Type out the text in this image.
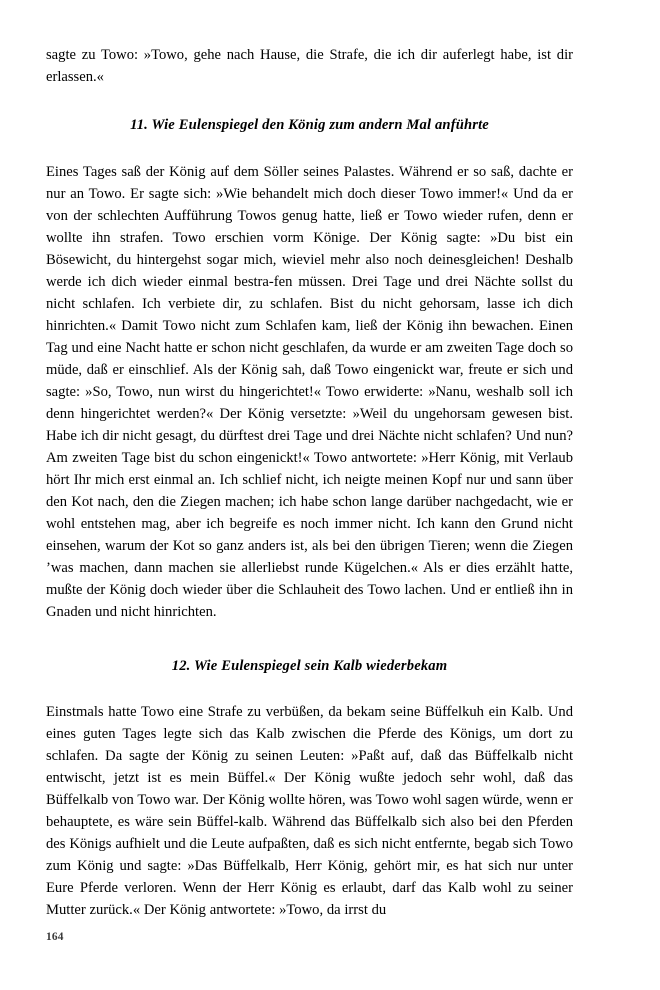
sagte zu Towo: »Towo, gehe nach Hause, die Strafe, die ich dir auferlegt habe, ist dir erlassen.«

11. Wie Eulenspiegel den König zum andern Mal anführte

Eines Tages saß der König auf dem Söller seines Palastes. Während er so saß, dachte er nur an Towo. Er sagte sich: »Wie behandelt mich doch dieser Towo immer!« Und da er von der schlechten Aufführung Towos genug hatte, ließ er Towo wieder rufen, denn er wollte ihn strafen. Towo erschien vorm Könige. Der König sagte: »Du bist ein Bösewicht, du hintergehst sogar mich, wieviel mehr also noch deinesgleichen! Deshalb werde ich dich wieder einmal bestra-fen müssen. Drei Tage und drei Nächte sollst du nicht schlafen. Ich verbiete dir, zu schlafen. Bist du nicht gehorsam, lasse ich dich hinrichten.« Damit Towo nicht zum Schlafen kam, ließ der König ihn bewachen. Einen Tag und eine Nacht hatte er schon nicht geschlafen, da wurde er am zweiten Tage doch so müde, daß er einschlief. Als der König sah, daß Towo eingenickt war, freute er sich und sagte: »So, Towo, nun wirst du hingerichtet!« Towo erwiderte: »Nanu, weshalb soll ich denn hingerichtet werden?« Der König versetzte: »Weil du ungehorsam gewesen bist. Habe ich dir nicht gesagt, du dürftest drei Tage und drei Nächte nicht schlafen? Und nun? Am zweiten Tage bist du schon eingenickt!« Towo antwortete: »Herr König, mit Verlaub hört Ihr mich erst einmal an. Ich schlief nicht, ich neigte meinen Kopf nur und sann über den Kot nach, den die Ziegen machen; ich habe schon lange darüber nachgedacht, wie er wohl entstehen mag, aber ich begreife es noch immer nicht. Ich kann den Grund nicht einsehen, warum der Kot so ganz anders ist, als bei den übrigen Tieren; wenn die Ziegen ’was machen, dann machen sie allerliebst runde Kügelchen.« Als er dies erzählt hatte, mußte der König doch wieder über die Schlauheit des Towo lachen. Und er entließ ihn in Gnaden und nicht hinrichten.

12. Wie Eulenspiegel sein Kalb wiederbekam

Einstmals hatte Towo eine Strafe zu verbüßen, da bekam seine Büffelkuh ein Kalb. Und eines guten Tages legte sich das Kalb zwischen die Pferde des Königs, um dort zu schlafen. Da sagte der König zu seinen Leuten: »Paßt auf, daß das Büffelkalb nicht entwischt, jetzt ist es mein Büffel.« Der König wußte jedoch sehr wohl, daß das Büffelkalb von Towo war. Der König wollte hören, was Towo wohl sagen würde, wenn er behauptete, es wäre sein Büffel-kalb. Während das Büffelkalb sich also bei den Pferden des Königs aufhielt und die Leute aufpaßten, daß es sich nicht entfernte, begab sich Towo zum König und sagte: »Das Büffelkalb, Herr König, gehört mir, es hat sich nur unter Eure Pferde verloren. Wenn der Herr König es erlaubt, darf das Kalb wohl zu seiner Mutter zurück.« Der König antwortete: »Towo, da irrst du

164
